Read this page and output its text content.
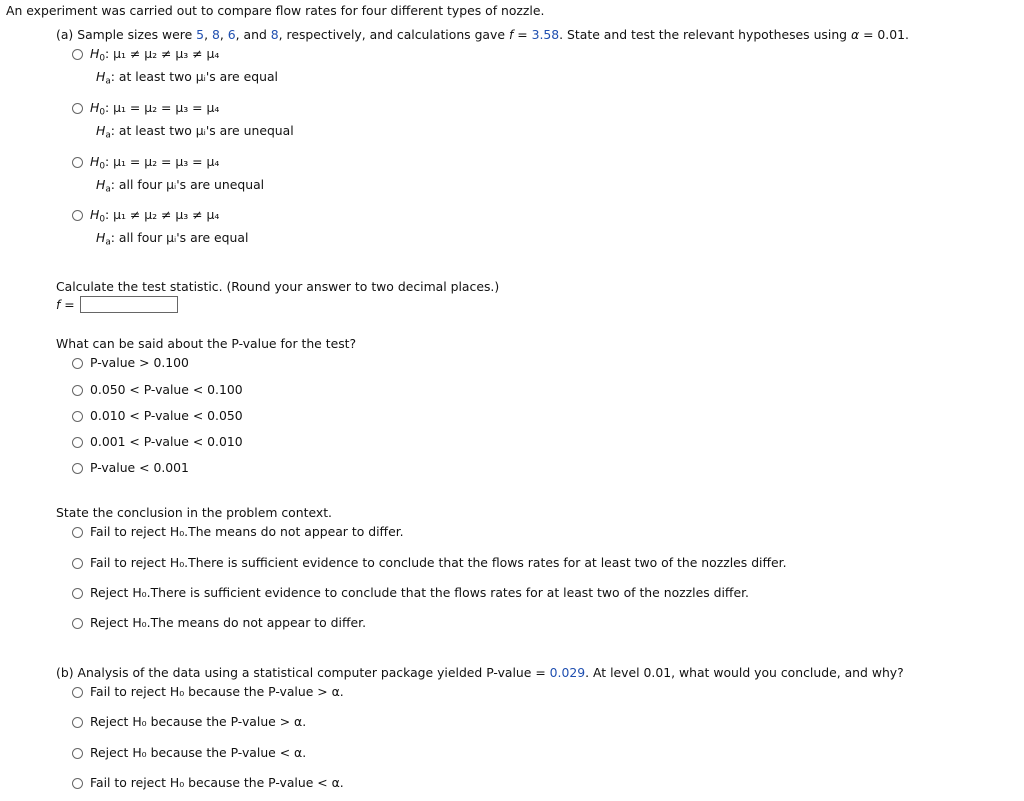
An experiment was carried out to compare flow rates for four different types of nozzle.
(a) Sample sizes were 5, 8, 6, and 8, respectively, and calculations gave f = 3.58. State and test the relevant hypotheses using α = 0.01.
$H_0$: μ₁ ≠ μ₂ ≠ μ₃ ≠ μ₄
$H_a$: at least two μᵢ's are equal
$H_0$: μ₁ = μ₂ = μ₃ = μ₄
$H_a$: at least two μᵢ's are unequal
$H_0$: μ₁ = μ₂ = μ₃ = μ₄
$H_a$: all four μᵢ's are unequal
$H_0$: μ₁ ≠ μ₂ ≠ μ₃ ≠ μ₄
$H_a$: all four μᵢ's are equal
Calculate the test statistic. (Round your answer to two decimal places.)
f =
What can be said about the P-value for the test?
P-value > 0.100
0.050 < P-value < 0.100
0.010 < P-value < 0.050
0.001 < P-value < 0.010
P-value < 0.001
State the conclusion in the problem context.
Fail to reject H₀. The means do not appear to differ.
Fail to reject H₀. There is sufficient evidence to conclude that the flows rates for at least two of the nozzles differ.
Reject H₀. There is sufficient evidence to conclude that the flows rates for at least two of the nozzles differ.
Reject H₀. The means do not appear to differ.
(b) Analysis of the data using a statistical computer package yielded P-value = 0.029. At level 0.01, what would you conclude, and why?
Fail to reject H₀ because the P-value > α.
Reject H₀ because the P-value > α.
Reject H₀ because the P-value < α.
Fail to reject H₀ because the P-value < α.
